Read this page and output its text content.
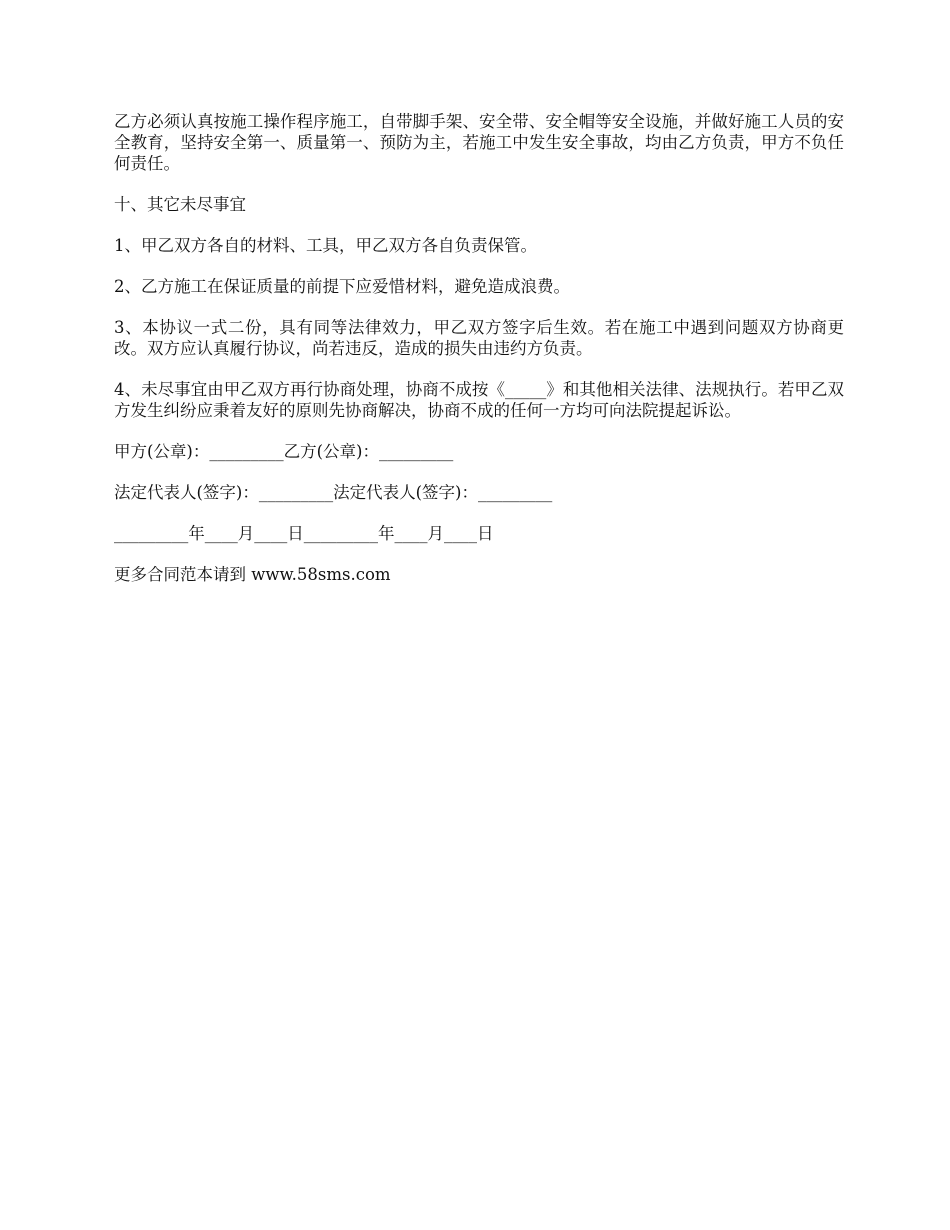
乙方必须认真按施工操作程序施工，自带脚手架、安全带、安全帽等安全设施，并做好施工人员的安全教育，坚持安全第一、质量第一、预防为主，若施工中发生安全事故，均由乙方负责，甲方不负任何责任。

十、其它未尽事宜

1、甲乙双方各自的材料、工具，甲乙双方各自负责保管。

2、乙方施工在保证质量的前提下应爱惜材料，避免造成浪费。

3、本协议一式二份，具有同等法律效力，甲乙双方签字后生效。若在施工中遇到问题双方协商更改。双方应认真履行协议，尚若违反，造成的损失由违约方负责。

4、未尽事宜由甲乙双方再行协商处理，协商不成按《_____》和其他相关法律、法规执行。若甲乙双方发生纠纷应秉着友好的原则先协商解决，协商不成的任何一方均可向法院提起诉讼。

甲方(公章)：_________乙方(公章)：_________

法定代表人(签字)：_________法定代表人(签字)：_________

_________年____月____日_________年____月____日

更多合同范本请到 www.58sms.com
